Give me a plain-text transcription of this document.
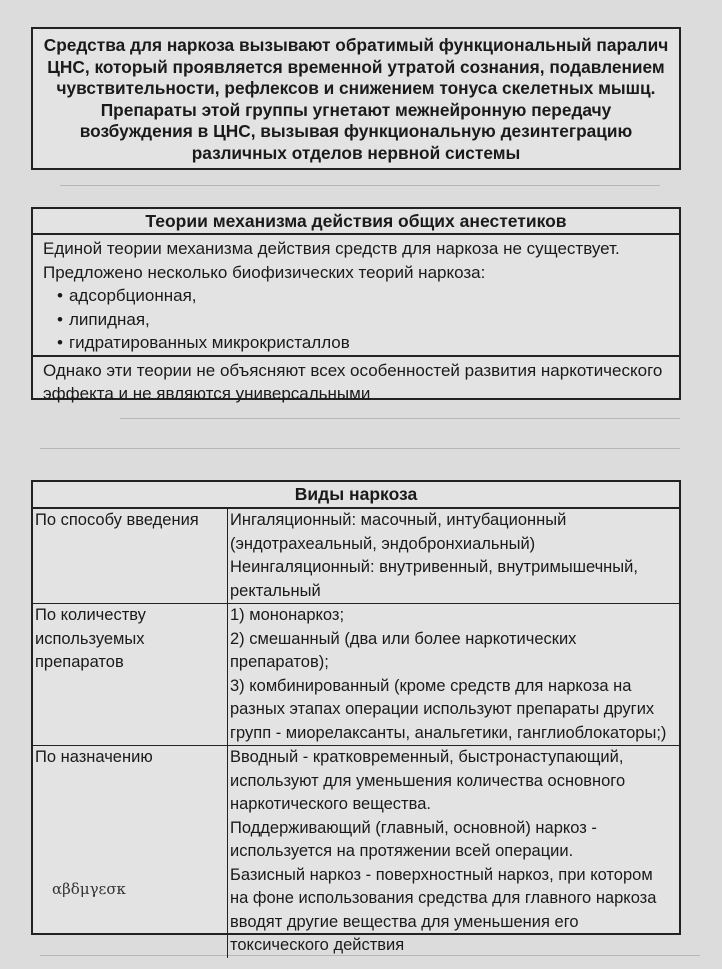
Средства для наркоза вызывают обратимый функциональный паралич ЦНС, который проявляется временной утратой сознания, подавлением чувствительности, рефлексов и снижением тонуса скелетных мышц. Препараты этой группы угнетают межнейронную передачу возбуждения в ЦНС, вызывая функциональную дезинтеграцию различных отделов нервной системы

Теории механизма действия общих анестетиков
Единой теории механизма действия средств для наркоза не существует.
Предложено несколько биофизических теорий наркоза:
• адсорбционная,
• липидная,
• гидратированных микрокристаллов
Однако эти теории не объясняют всех особенностей развития наркотического эффекта и не являются универсальными
Виды наркоза
По способу введения	Ингаляционный: масочный, интубационный (эндотрахеальный, эндобронхиальный)

Неингаляционный: внутривенный, внутримышечный, ректальный

По количеству используемых препаратов	1) мононаркоз;

2) смешанный (два или более наркотических препаратов);

3) комбинированный (кроме средств для наркоза на разных этапах операции используют препараты других групп - миорелаксанты, анальгетики, ганглиоблокаторы;)

По назначению	Вводный - кратковременный, быстронаступающий, используют для уменьшения количества основного наркотического вещества.

Поддерживающий (главный, основной) наркоз - используется на протяжении всей операции.

Базисный наркоз - поверхностный наркоз, при котором на фоне использования средства для главного наркоза вводят другие вещества для уменьшения его токсического действия

αβδμγεσκ
